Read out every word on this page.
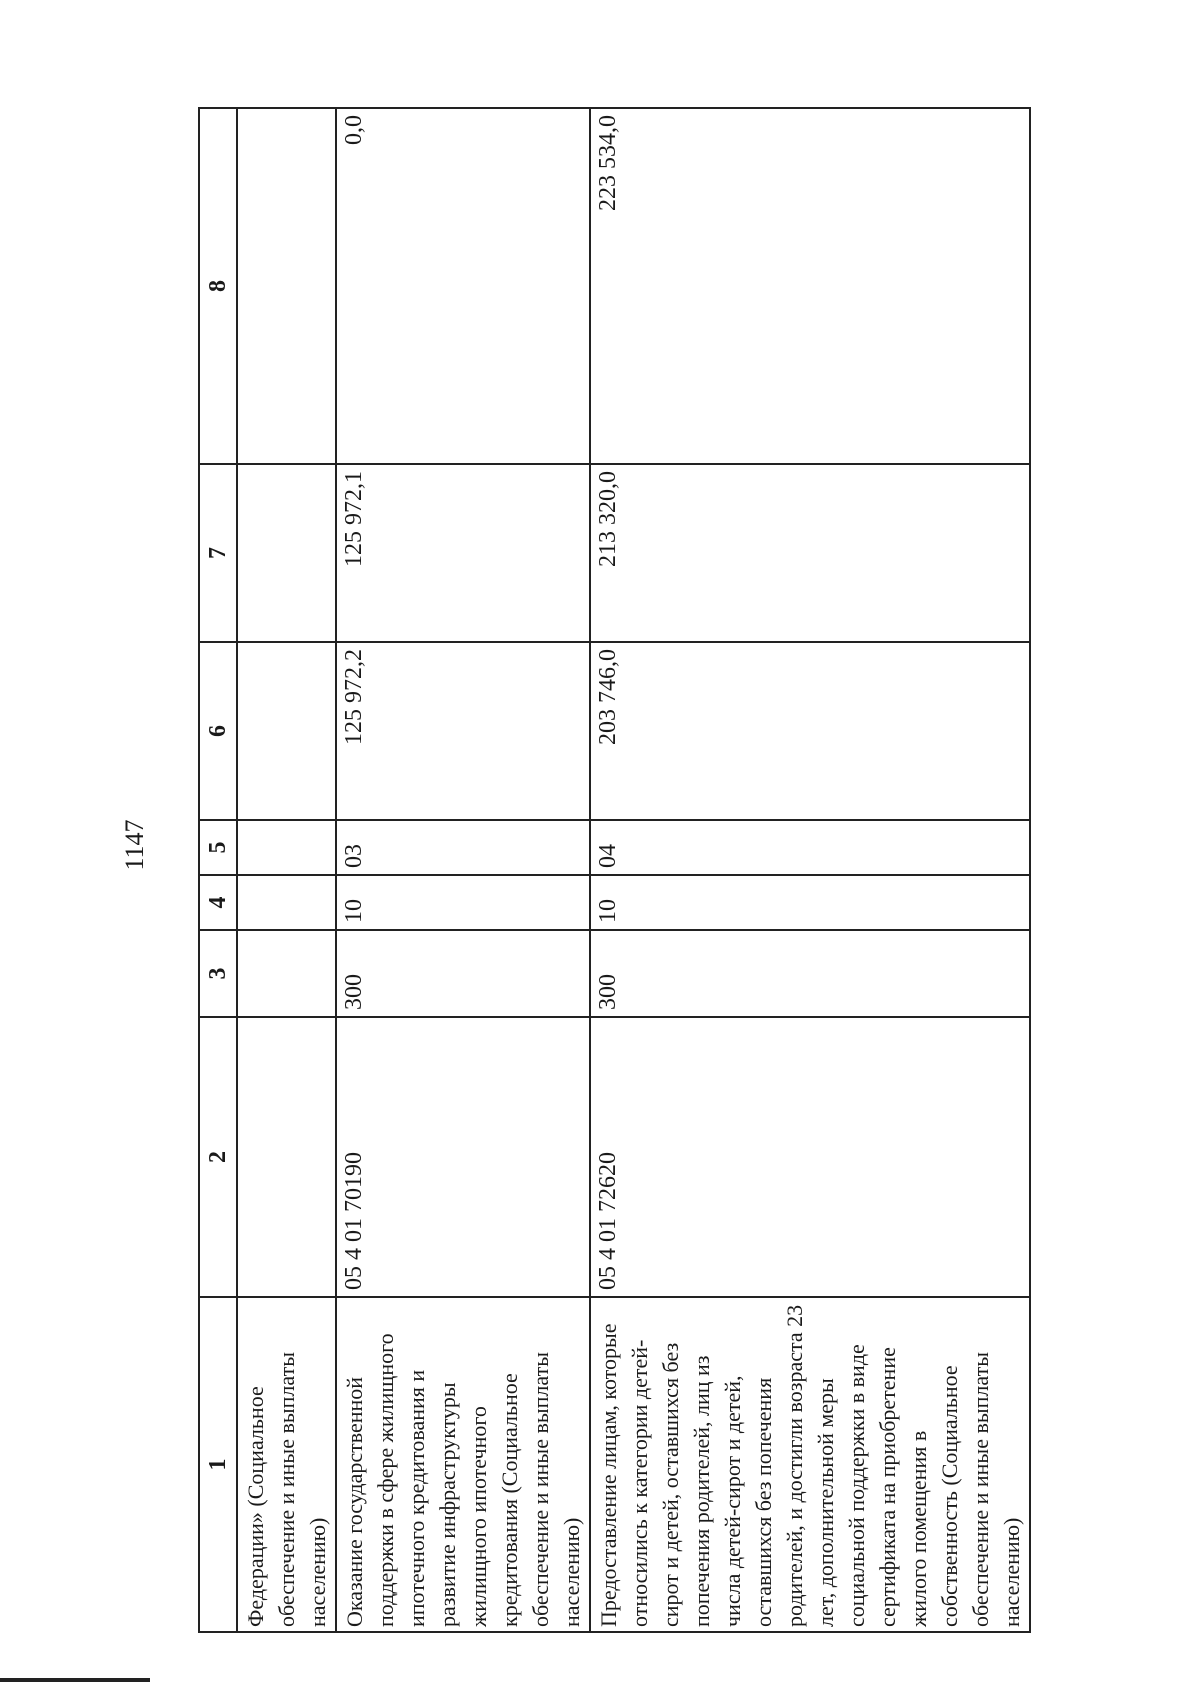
1147
1	2	3	4	5	6	7	8
Федерации» (Социальное обеспечение и иные выплаты населению)							
Оказание государственной поддержки в сфере жилищного ипотечного кредитования и развитие инфраструктуры жилищного ипотечного кредитования (Социальное обеспечение и иные выплаты населению)	05 4 01 70190	300	10	03	125 972,2	125 972,1	0,0
Предоставление лицам, которые относились к категории детей-сирот и детей, оставшихся без попечения родителей, лиц из числа детей-сирот и детей, оставшихся без попечения родителей, и достигли возраста 23 лет, дополнительной меры социальной поддержки в виде сертификата на приобретение жилого помещения в собственность (Социальное обеспечение и иные выплаты населению)	05 4 01 72620	300	10	04	203 746,0	213 320,0	223 534,0
